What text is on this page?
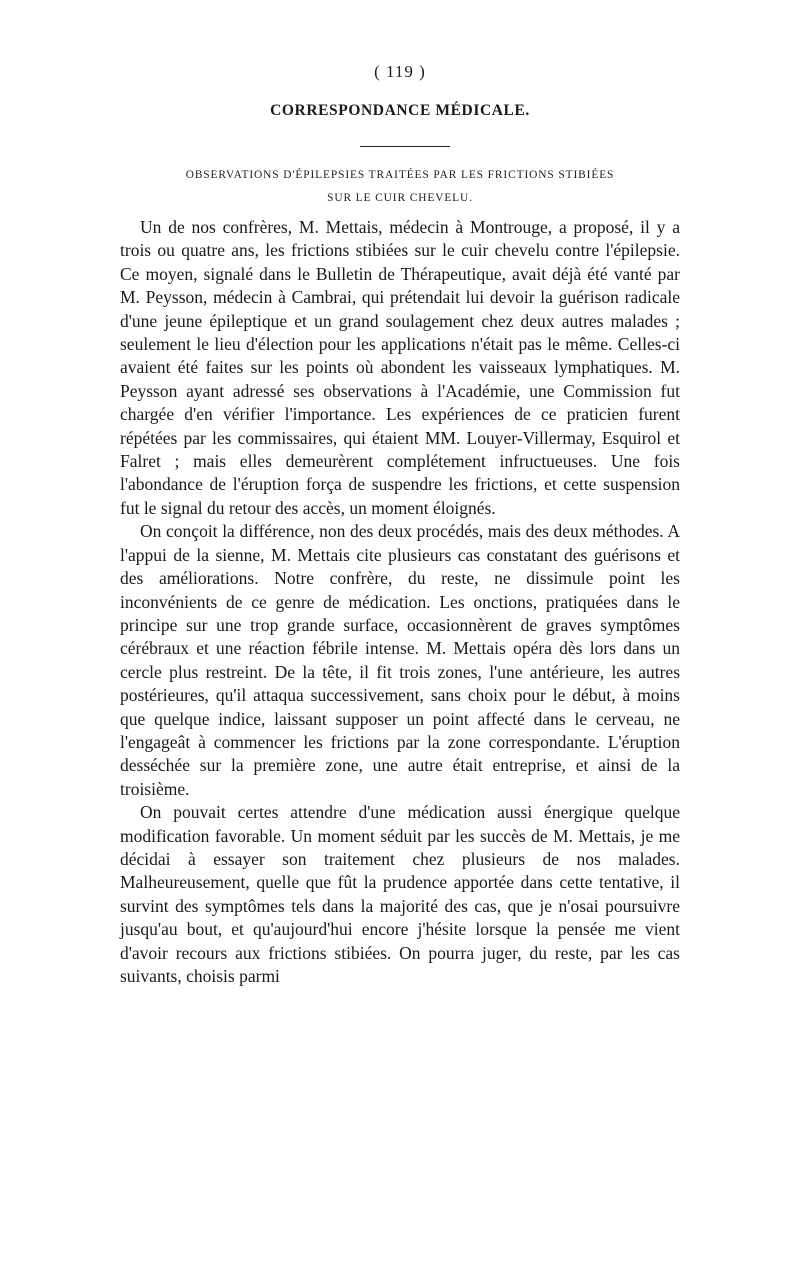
( 119 )
CORRESPONDANCE MÉDICALE.
OBSERVATIONS D'ÉPILEPSIES TRAITÉES PAR LES FRICTIONS STIBIÉES
SUR LE CUIR CHEVELU.

Un de nos confrères, M. Mettais, médecin à Montrouge, a proposé, il y a trois ou quatre ans, les frictions stibiées sur le cuir chevelu contre l'épilepsie. Ce moyen, signalé dans le Bulletin de Thérapeutique, avait déjà été vanté par M. Peysson, médecin à Cambrai, qui prétendait lui devoir la guérison radicale d'une jeune épileptique et un grand soulagement chez deux autres malades ; seulement le lieu d'élection pour les applications n'était pas le même. Celles-ci avaient été faites sur les points où abondent les vaisseaux lymphatiques. M. Peysson ayant adressé ses observations à l'Académie, une Commission fut chargée d'en vérifier l'importance. Les expériences de ce praticien furent répétées par les commissaires, qui étaient MM. Louyer-Villermay, Esquirol et Falret ; mais elles demeurèrent complétement infructueuses. Une fois l'abondance de l'éruption força de suspendre les frictions, et cette suspension fut le signal du retour des accès, un moment éloignés.

On conçoit la différence, non des deux procédés, mais des deux méthodes. A l'appui de la sienne, M. Mettais cite plusieurs cas constatant des guérisons et des améliorations. Notre confrère, du reste, ne dissimule point les inconvénients de ce genre de médication. Les onctions, pratiquées dans le principe sur une trop grande surface, occasionnèrent de graves symptômes cérébraux et une réaction fébrile intense. M. Mettais opéra dès lors dans un cercle plus restreint. De la tête, il fit trois zones, l'une antérieure, les autres postérieures, qu'il attaqua successivement, sans choix pour le début, à moins que quelque indice, laissant supposer un point affecté dans le cerveau, ne l'engageât à commencer les frictions par la zone correspondante. L'éruption desséchée sur la première zone, une autre était entreprise, et ainsi de la troisième.

On pouvait certes attendre d'une médication aussi énergique quelque modification favorable. Un moment séduit par les succès de M. Mettais, je me décidai à essayer son traitement chez plusieurs de nos malades. Malheureusement, quelle que fût la prudence apportée dans cette tentative, il survint des symptômes tels dans la majorité des cas, que je n'osai poursuivre jusqu'au bout, et qu'aujourd'hui encore j'hésite lorsque la pensée me vient d'avoir recours aux frictions stibiées. On pourra juger, du reste, par les cas suivants, choisis parmi
